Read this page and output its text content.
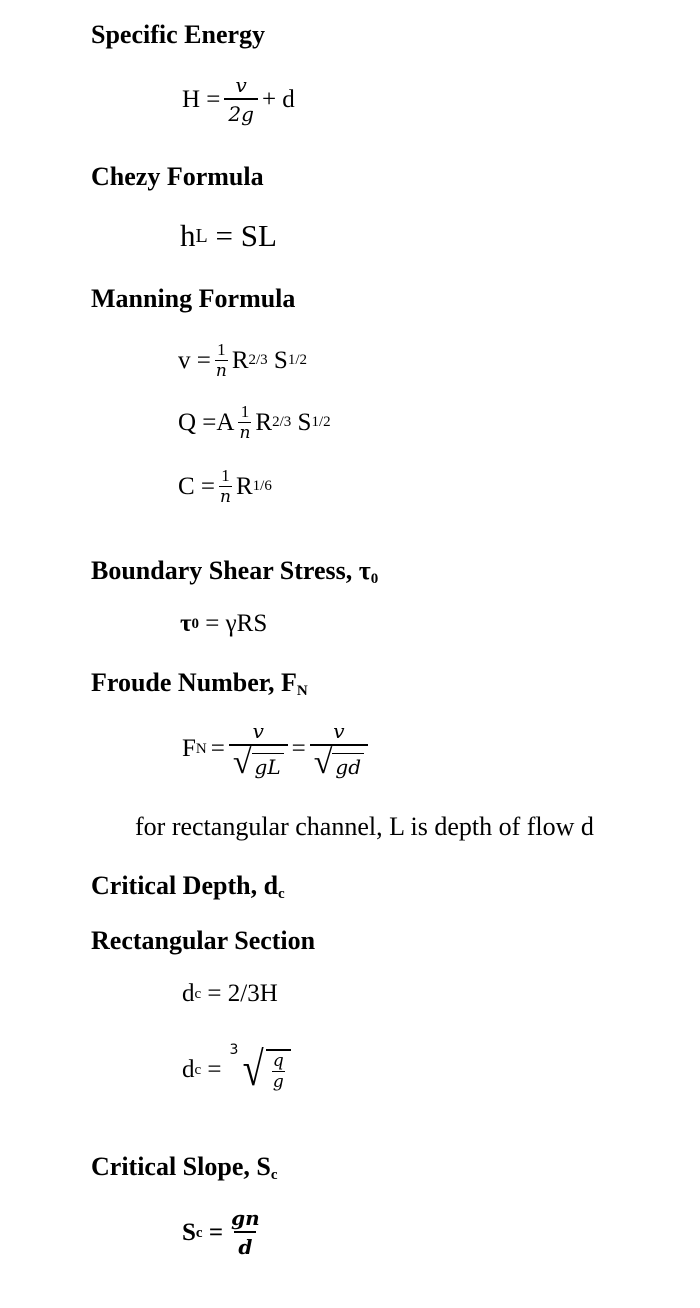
Specific Energy
$H = \frac{v}{2g} + d$
Chezy Formula
h L = SL
Manning Formula
$v = \frac{1}{n}$ R 2/3 S 1/2
$Q =A \frac{1}{n}$ R 2/3 S 1/2
$C = \frac{1}{n}$ R 1/6
Boundary Shear Stress, $\tau_0$
τ 0 = γRS
Froude Number, $F_N$
F $N = \frac{v}{√ gL} = \frac{v}{√ gd}$
for rectangular channel, L is depth of flow d
Critical Depth, $d_c$
Rectangular Section
d c = 2/3H
d c =
3 √ $\frac{q}{g}$
Critical Slope, $S_c$
S $c = \frac{gn}{d}$
